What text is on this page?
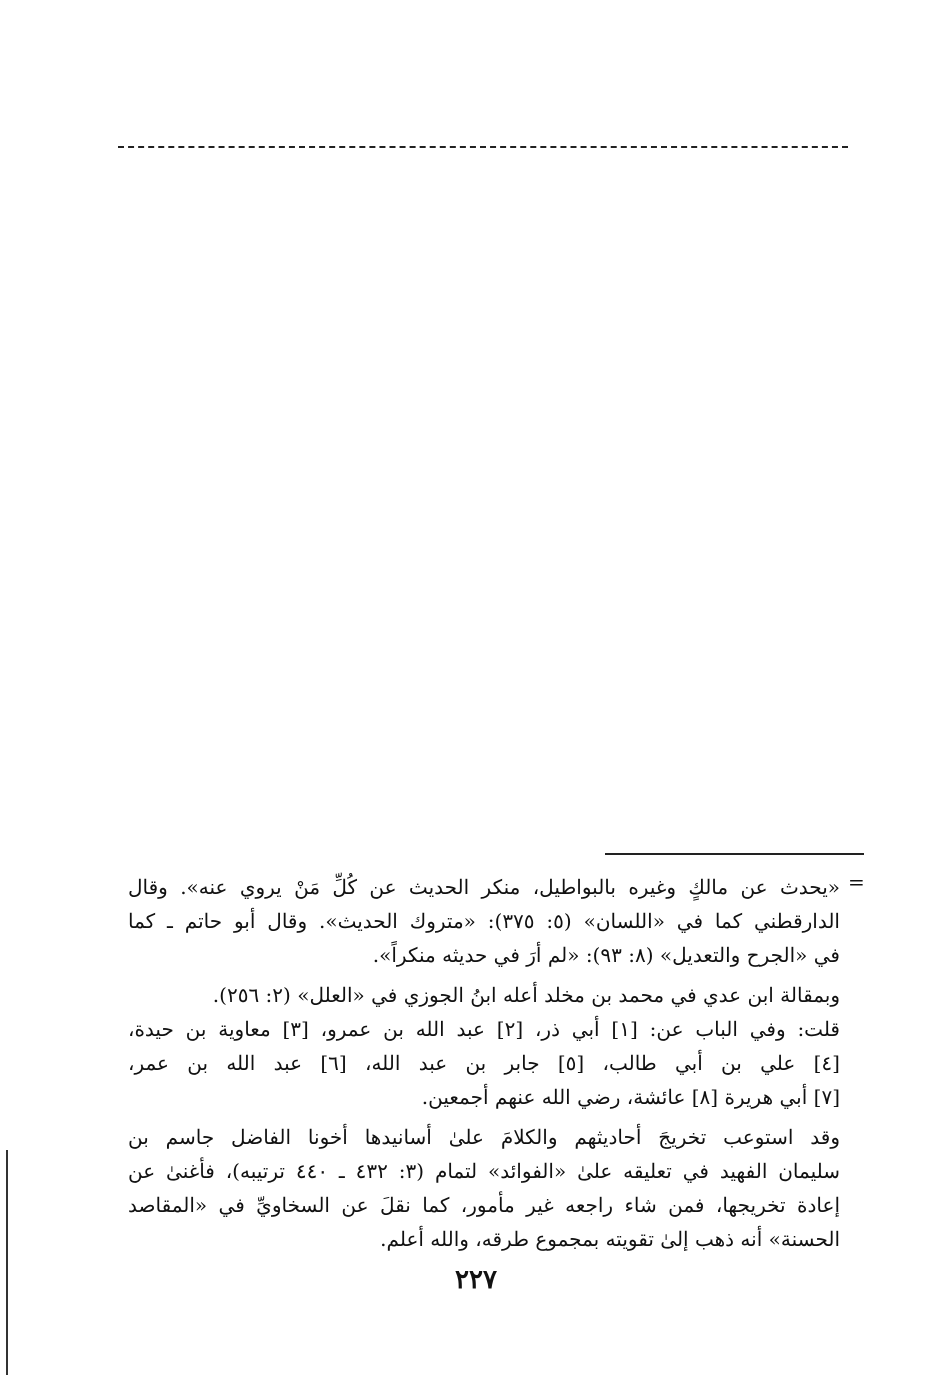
=

«يحدث عن مالكٍ وغيره بالبواطيل، منكر الحديث عن كُلِّ مَنْ يروي عنه». وقال
الدارقطني كما في «اللسان» (٥: ٣٧٥): «متروك الحديث». وقال أبو حاتم ـ كما
في «الجرح والتعديل» (٨: ٩٣): «لم أرَ في حديثه منكراً».

وبمقالة ابن عدي في محمد بن مخلد أعله ابنُ الجوزي في «العلل» (٢: ٢٥٦).

قلت: وفي الباب عن: [١] أبي ذر، [٢] عبد الله بن عمرو، [٣] معاوية بن حيدة،
[٤] علي بن أبي طالب، [٥] جابر بن عبد الله، [٦] عبد الله بن عمر،
[٧] أبي هريرة [٨] عائشة، رضي الله عنهم أجمعين.

وقد استوعب تخريجَ أحاديثهم والكلامَ علىٰ أسانيدها أخونا الفاضل جاسم بن
سليمان الفهيد في تعليقه علىٰ «الفوائد» لتمام (٣: ٤٣٢ ـ ٤٤٠ ترتيبه)، فأغنىٰ عن
إعادة تخريجها، فمن شاء راجعه غير مأمور، كما نقلَ عن السخاويِّ في «المقاصد
الحسنة» أنه ذهب إلىٰ تقويته بمجموع طرقه، والله أعلم.

٢٢٧
